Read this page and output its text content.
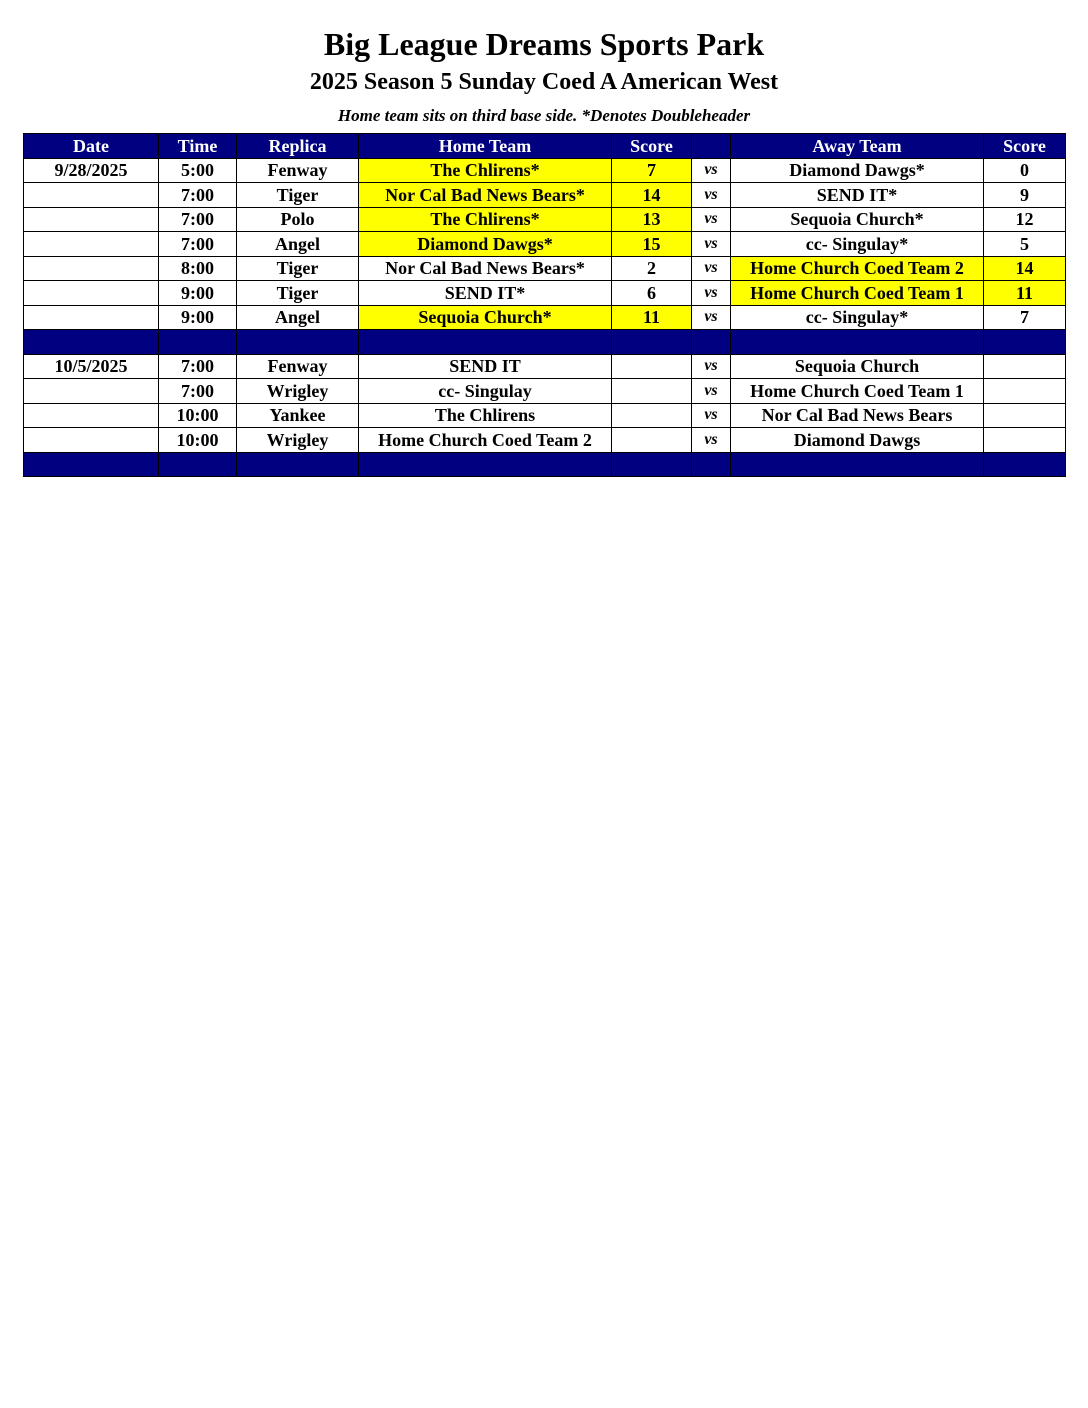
Big League Dreams Sports Park
2025 Season 5 Sunday Coed A American West
Home team sits on third base side. *Denotes Doubleheader
Date	Time	Replica	Home Team	Score		Away Team	Score
9/28/2025	5:00	Fenway	The Chlirens*	7	vs	Diamond Dawgs*	0
	7:00	Tiger	Nor Cal Bad News Bears*	14	vs	SEND IT*	9
	7:00	Polo	The Chlirens*	13	vs	Sequoia Church*	12
	7:00	Angel	Diamond Dawgs*	15	vs	cc- Singulay*	5
	8:00	Tiger	Nor Cal Bad News Bears*	2	vs	Home Church Coed Team 2	14
	9:00	Tiger	SEND IT*	6	vs	Home Church Coed Team 1	11
	9:00	Angel	Sequoia Church*	11	vs	cc- Singulay*	7

10/5/2025	7:00	Fenway	SEND IT		vs	Sequoia Church	
	7:00	Wrigley	cc- Singulay		vs	Home Church Coed Team 1	
	10:00	Yankee	The Chlirens		vs	Nor Cal Bad News Bears	
	10:00	Wrigley	Home Church Coed Team 2		vs	Diamond Dawgs	
